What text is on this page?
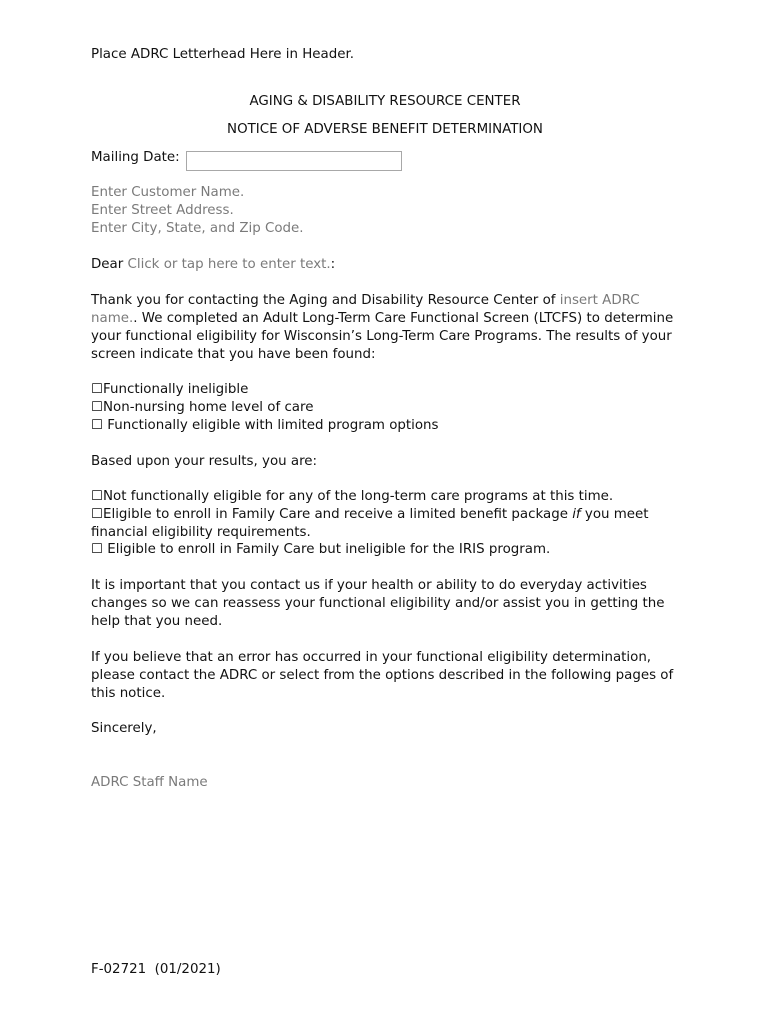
Place ADRC Letterhead Here in Header.
AGING & DISABILITY RESOURCE CENTER
NOTICE OF ADVERSE BENEFIT DETERMINATION
Mailing Date:
Enter Customer Name.
Enter Street Address.
Enter City, State, and Zip Code.
Dear Click or tap here to enter text.:
Thank you for contacting the Aging and Disability Resource Center of insert ADRC name.. We completed an Adult Long-Term Care Functional Screen (LTCFS) to determine your functional eligibility for Wisconsin’s Long-Term Care Programs. The results of your screen indicate that you have been found:
☐Functionally ineligible
☐Non-nursing home level of care
☐ Functionally eligible with limited program options
Based upon your results, you are:
☐Not functionally eligible for any of the long-term care programs at this time.
☐Eligible to enroll in Family Care and receive a limited benefit package if you meet financial eligibility requirements.
☐ Eligible to enroll in Family Care but ineligible for the IRIS program.
It is important that you contact us if your health or ability to do everyday activities changes so we can reassess your functional eligibility and/or assist you in getting the help that you need.
If you believe that an error has occurred in your functional eligibility determination, please contact the ADRC or select from the options described in the following pages of this notice.
Sincerely,
ADRC Staff Name
F-02721  (01/2021)
